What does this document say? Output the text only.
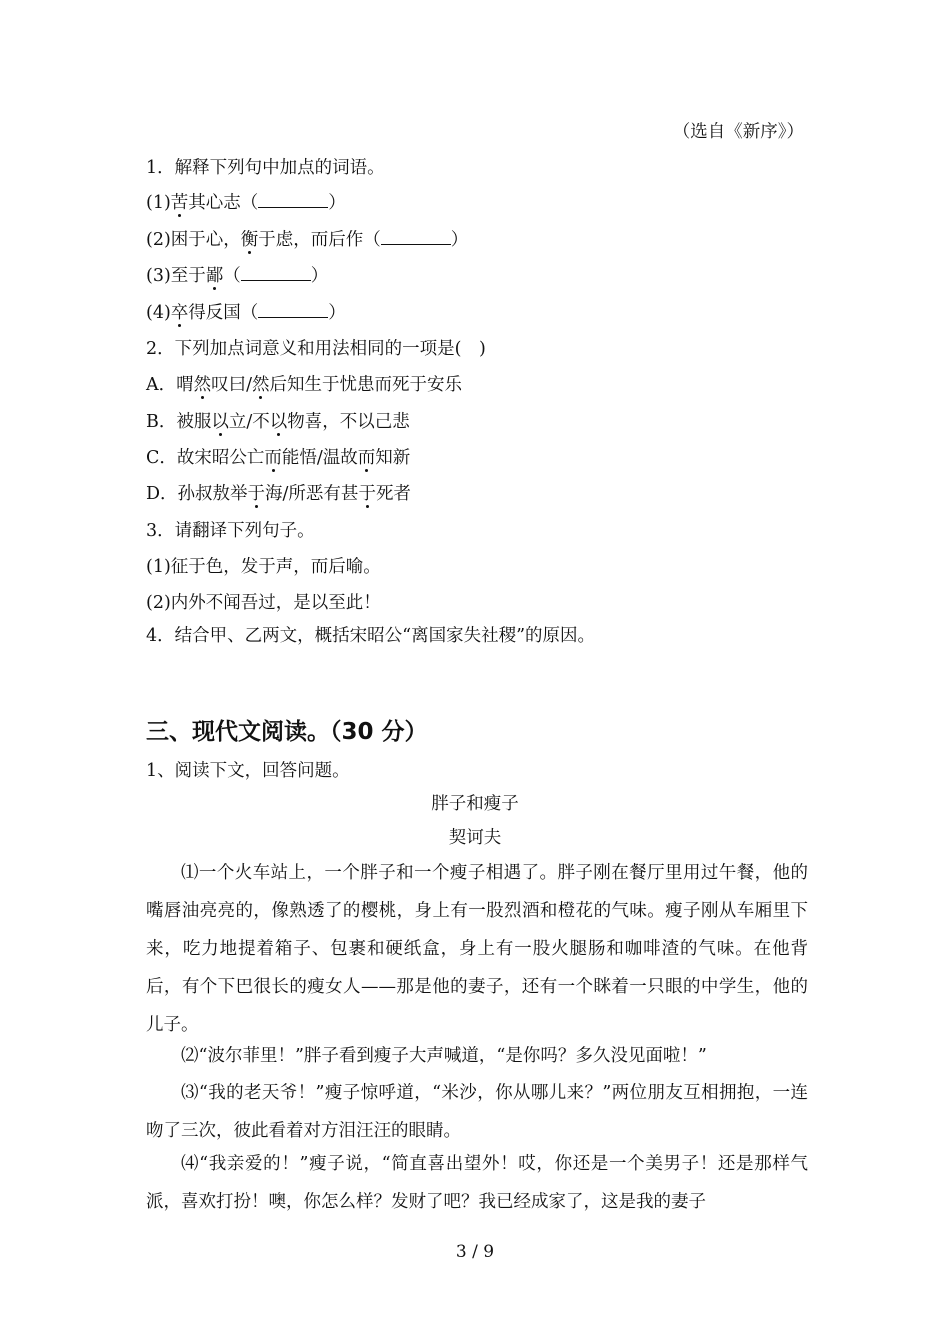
（选自《新序》）
1．解释下列句中加点的词语。
(1)苦其心志（	）
(2)困于心，衡于虑，而后作（	）
(3)至于鄙（	）
(4)卒得反国（	）
2．下列加点词意义和用法相同的一项是(　)
A．喟然叹曰/然后知生于忧患而死于安乐
B．被服以立/不以物喜，不以己悲
C．故宋昭公亡而能悟/温故而知新
D．孙叔敖举于海/所恶有甚于死者
3．请翻译下列句子。
(1)征于色，发于声，而后喻。
(2)内外不闻吾过，是以至此！
4．结合甲、乙两文，概括宋昭公“离国家失社稷”的原因。
三、现代文阅读。（30 分）
1、阅读下文，回答问题。
胖子和瘦子
契诃夫
⑴一个火车站上，一个胖子和一个瘦子相遇了。胖子刚在餐厅里用过午餐，他的嘴唇油亮亮的，像熟透了的樱桃，身上有一股烈酒和橙花的气味。瘦子刚从车厢里下来，吃力地提着箱子、包裹和硬纸盒，身上有一股火腿肠和咖啡渣的气味。在他背后，有个下巴很长的瘦女人——那是他的妻子，还有一个眯着一只眼的中学生，他的儿子。
⑵“波尔菲里！”胖子看到瘦子大声喊道，“是你吗？多久没见面啦！”
⑶“我的老天爷！”瘦子惊呼道，“米沙，你从哪儿来？”两位朋友互相拥抱，一连吻了三次，彼此看着对方泪汪汪的眼睛。
⑷“我亲爱的！”瘦子说，“简直喜出望外！哎，你还是一个美男子！还是那样气派，喜欢打扮！噢，你怎么样？发财了吧？我已经成家了，这是我的妻子
3 / 9
